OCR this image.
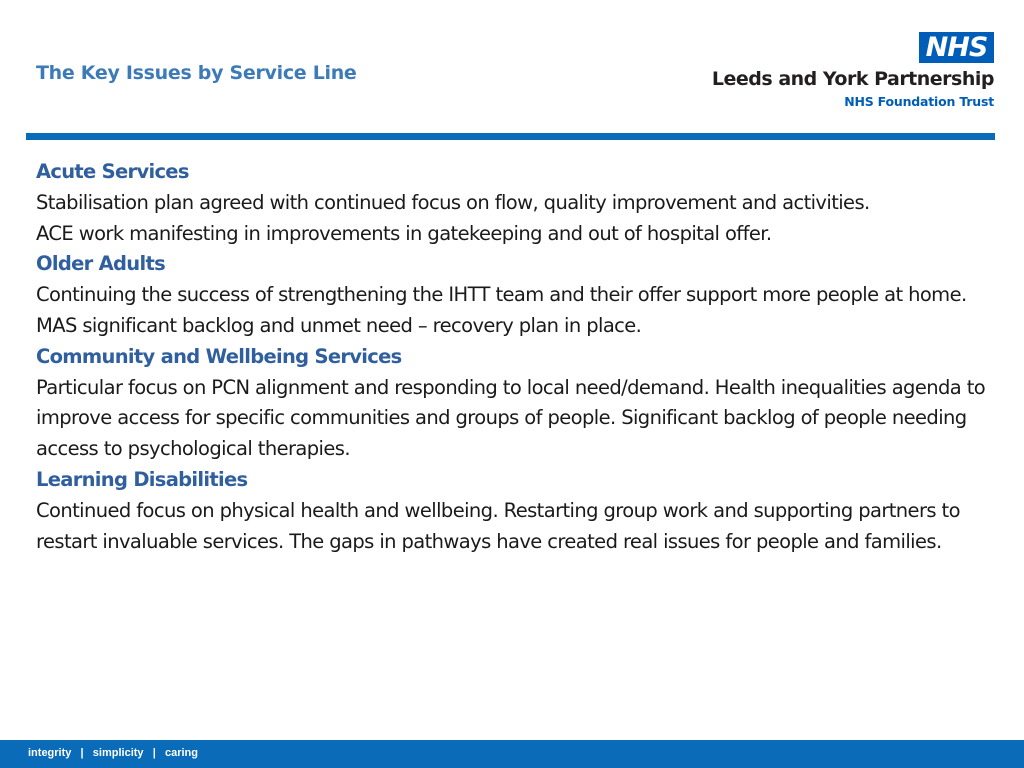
The Key Issues by Service Line
NHS
Leeds and York Partnership
NHS Foundation Trust

Acute Services

Stabilisation plan agreed with continued focus on flow, quality improvement and activities.

ACE work manifesting in improvements in gatekeeping and out of hospital offer.

Older Adults

Continuing the success of strengthening the IHTT team and their offer support more people at home.

MAS significant backlog and unmet need – recovery plan in place.

Community and Wellbeing Services

Particular focus on PCN alignment and responding to local need/demand. Health inequalities agenda to improve access for specific communities and groups of people. Significant backlog of people needing access to psychological therapies.

Learning Disabilities

Continued focus on physical health and wellbeing. Restarting group work and supporting partners to restart invaluable services. The gaps in pathways have created real issues for people and families.

integrity   |   simplicity   |   caring
